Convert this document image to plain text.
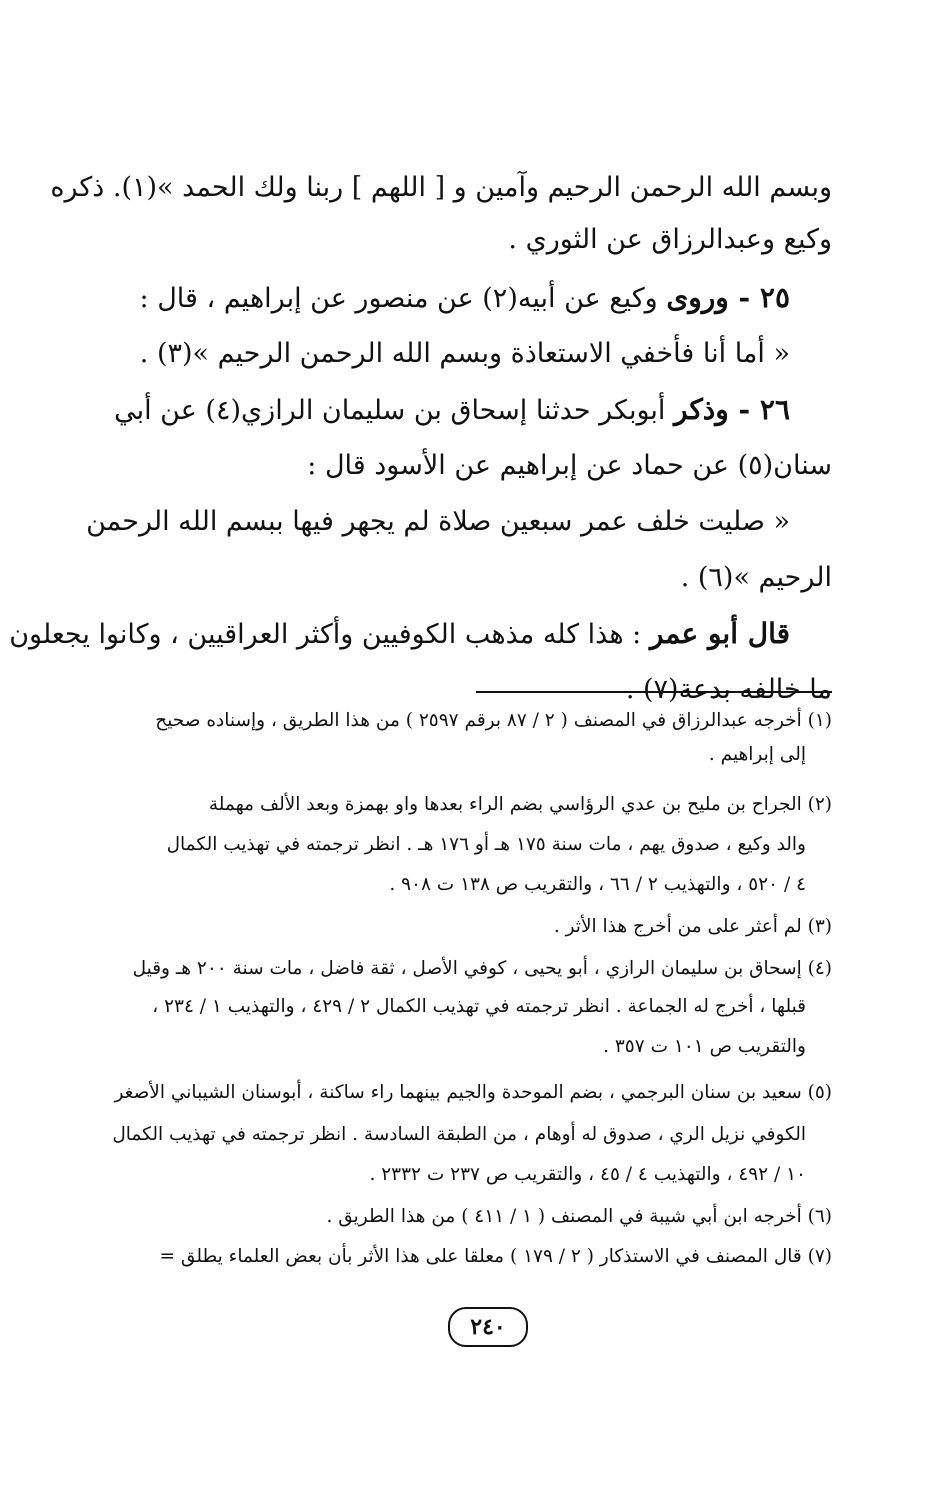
وبسم الله الرحمن الرحيم وآمين و [ اللهم ] ربنا ولك الحمد »(١). ذكره
وكيع وعبدالرزاق عن الثوري .
٢٥ - وروى وكيع عن أبيه(٢) عن منصور عن إبراهيم ، قال :
« أما أنا فأخفي الاستعاذة وبسم الله الرحمن الرحيم »(٣) .
٢٦ - وذكر أبوبكر حدثنا إسحاق بن سليمان الرازي(٤) عن أبي
سنان(٥) عن حماد عن إبراهيم عن الأسود قال :
« صليت خلف عمر سبعين صلاة لم يجهر فيها ببسم الله الرحمن
الرحيم »(٦) .
قال أبو عمر : هذا كله مذهب الكوفيين وأكثر العراقيين ، وكانوا يجعلون
ما خالفه بدعة(٧) .
(١) أخرجه عبدالرزاق في المصنف ( ٢ / ٨٧ برقم ٢٥٩٧ ) من هذا الطريق ، وإسناده صحيح
إلى إبراهيم .
(٢) الجراح بن مليح بن عدي الرؤاسي بضم الراء بعدها واو بهمزة وبعد الألف مهملة
والد وكيع ، صدوق يهم ، مات سنة ١٧٥ هـ أو ١٧٦ هـ . انظر ترجمته في تهذيب الكمال
٤ / ٥٢٠ ، والتهذيب ٢ / ٦٦ ، والتقريب ص ١٣٨ ت ٩٠٨ .
(٣) لم أعثر على من أخرج هذا الأثر .
(٤) إسحاق بن سليمان الرازي ، أبو يحيى ، كوفي الأصل ، ثقة فاضل ، مات سنة ٢٠٠ هـ وقيل
قبلها ، أخرج له الجماعة . انظر ترجمته في تهذيب الكمال ٢ / ٤٢٩ ، والتهذيب ١ / ٢٣٤ ،
والتقريب ص ١٠١ ت ٣٥٧ .
(٥) سعيد بن سنان البرجمي ، بضم الموحدة والجيم بينهما راء ساكنة ، أبوسنان الشيباني الأصغر
الكوفي نزيل الري ، صدوق له أوهام ، من الطبقة السادسة . انظر ترجمته في تهذيب الكمال
١٠ / ٤٩٢ ، والتهذيب ٤ / ٤٥ ، والتقريب ص ٢٣٧ ت ٢٣٣٢ .
(٦) أخرجه ابن أبي شيبة في المصنف ( ١ / ٤١١ ) من هذا الطريق .
(٧) قال المصنف في الاستذكار ( ٢ / ١٧٩ ) معلقا على هذا الأثر بأن بعض العلماء يطلق =
٢٤٠
